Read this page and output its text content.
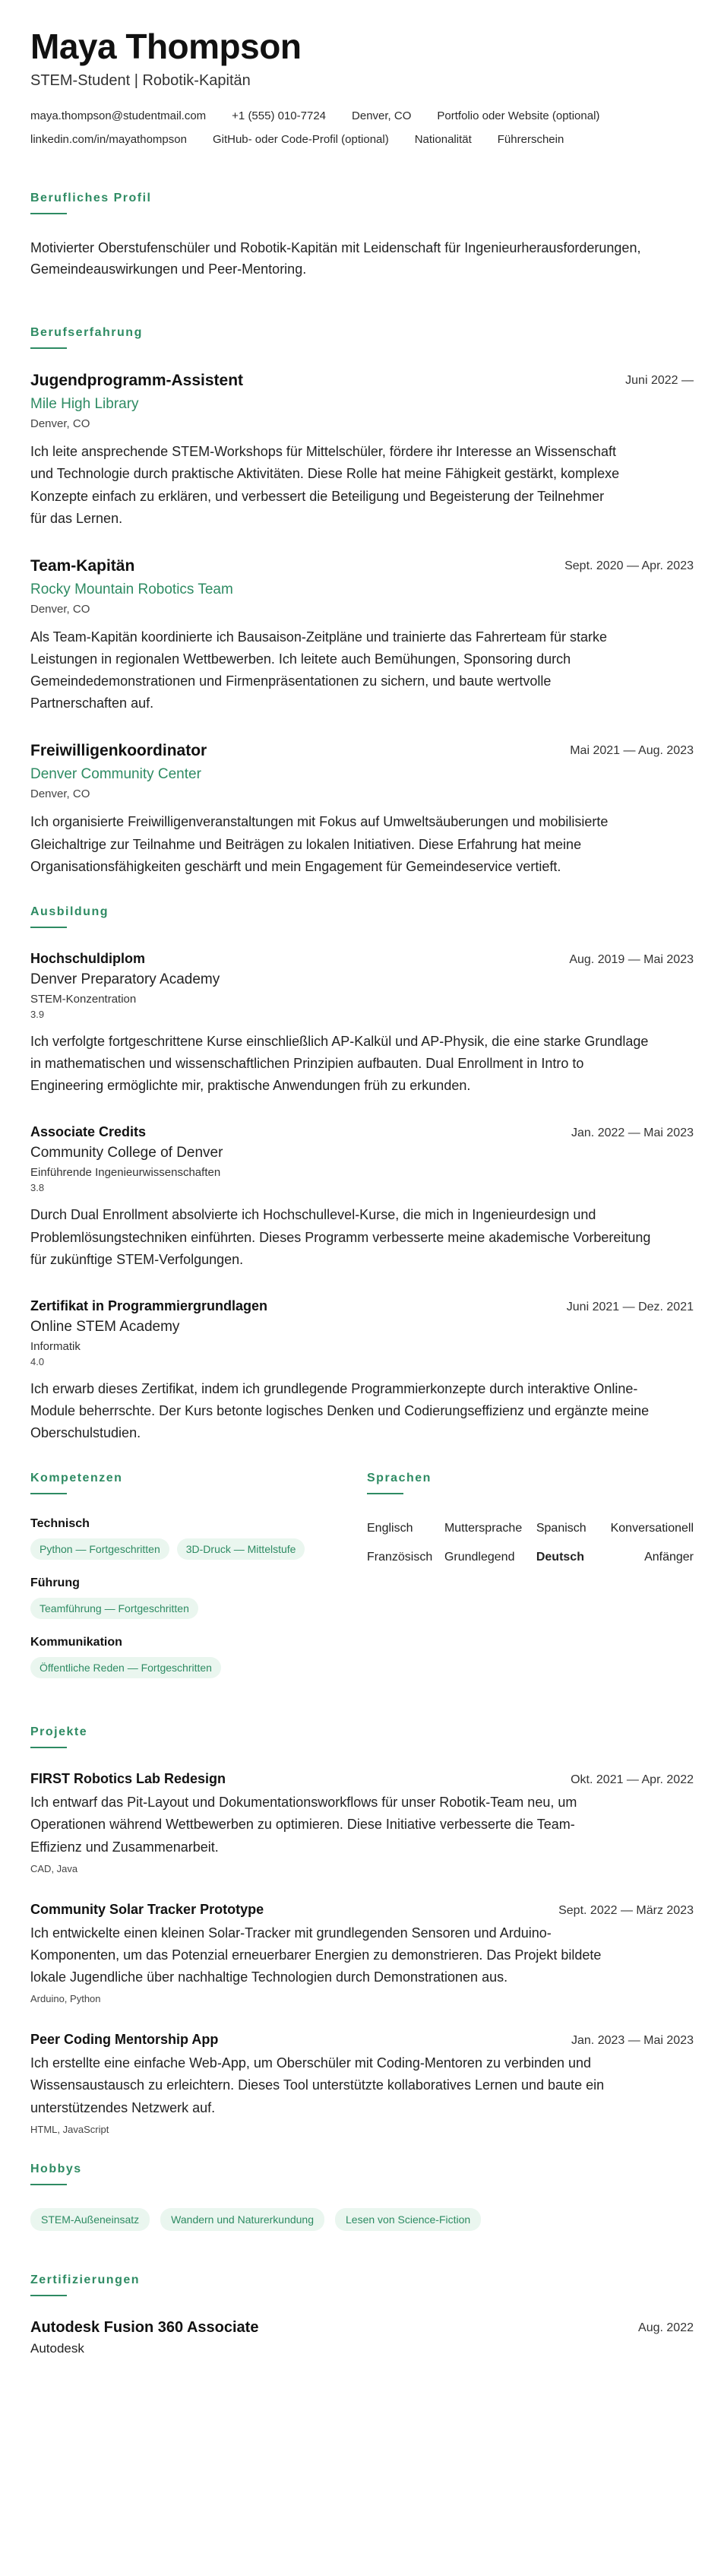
Maya Thompson
STEM-Student | Robotik-Kapitän
maya.thompson@studentmail.com +1 (555) 010-7724 Denver, CO Portfolio oder Website (optional)
linkedin.com/in/mayathompson GitHub- oder Code-Profil (optional) Nationalität Führerschein
Berufliches Profil
Motivierter Oberstufenschüler und Robotik-Kapitän mit Leidenschaft für Ingenieurherausforderungen, Gemeindeauswirkungen und Peer-Mentoring.
Berufserfahrung
Jugendprogramm-Assistent	Juni 2022 —
Mile High Library
Denver, CO
Ich leite ansprechende STEM-Workshops für Mittelschüler, fördere ihr Interesse an Wissenschaft und Technologie durch praktische Aktivitäten. Diese Rolle hat meine Fähigkeit gestärkt, komplexe Konzepte einfach zu erklären, und verbessert die Beteiligung und Begeisterung der Teilnehmer für das Lernen.
Team-Kapitän	Sept. 2020 — Apr. 2023
Rocky Mountain Robotics Team
Denver, CO
Als Team-Kapitän koordinierte ich Bausaison-Zeitpläne und trainierte das Fahrerteam für starke Leistungen in regionalen Wettbewerben. Ich leitete auch Bemühungen, Sponsoring durch Gemeindedemonstrationen und Firmenpräsentationen zu sichern, und baute wertvolle Partnerschaften auf.
Freiwilligenkoordinator	Mai 2021 — Aug. 2023
Denver Community Center
Denver, CO
Ich organisierte Freiwilligenveranstaltungen mit Fokus auf Umweltsäuberungen und mobilisierte Gleichaltrige zur Teilnahme und Beiträgen zu lokalen Initiativen. Diese Erfahrung hat meine Organisationsfähigkeiten geschärft und mein Engagement für Gemeindeservice vertieft.
Ausbildung
Hochschuldiplom	Aug. 2019 — Mai 2023
Denver Preparatory Academy
STEM-Konzentration
3.9
Ich verfolgte fortgeschrittene Kurse einschließlich AP-Kalkül und AP-Physik, die eine starke Grundlage in mathematischen und wissenschaftlichen Prinzipien aufbauten. Dual Enrollment in Intro to Engineering ermöglichte mir, praktische Anwendungen früh zu erkunden.
Associate Credits	Jan. 2022 — Mai 2023
Community College of Denver
Einführende Ingenieurwissenschaften
3.8
Durch Dual Enrollment absolvierte ich Hochschullevel-Kurse, die mich in Ingenieurdesign und Problemlösungstechniken einführten. Dieses Programm verbesserte meine akademische Vorbereitung für zukünftige STEM-Verfolgungen.
Zertifikat in Programmiergrundlagen	Juni 2021 — Dez. 2021
Online STEM Academy
Informatik
4.0
Ich erwarb dieses Zertifikat, indem ich grundlegende Programmierkonzepte durch interaktive Online-Module beherrschte. Der Kurs betonte logisches Denken und Codierungseffizienz und ergänzte meine Oberschulstudien.
Kompetenzen
Technisch
Python — Fortgeschritten	3D-Druck — Mittelstufe
Führung
Teamführung — Fortgeschritten
Kommunikation
Öffentliche Reden — Fortgeschritten
Sprachen
Englisch	Muttersprache	Spanisch	Konversationell
Französisch	Grundlegend	Deutsch	Anfänger
Projekte
FIRST Robotics Lab Redesign	Okt. 2021 — Apr. 2022
Ich entwarf das Pit-Layout und Dokumentationsworkflows für unser Robotik-Team neu, um Operationen während Wettbewerben zu optimieren. Diese Initiative verbesserte die Team-Effizienz und Zusammenarbeit.
CAD, Java
Community Solar Tracker Prototype	Sept. 2022 — März 2023
Ich entwickelte einen kleinen Solar-Tracker mit grundlegenden Sensoren und Arduino-Komponenten, um das Potenzial erneuerbarer Energien zu demonstrieren. Das Projekt bildete lokale Jugendliche über nachhaltige Technologien durch Demonstrationen aus.
Arduino, Python
Peer Coding Mentorship App	Jan. 2023 — Mai 2023
Ich erstellte eine einfache Web-App, um Oberschüler mit Coding-Mentoren zu verbinden und Wissensaustausch zu erleichtern. Dieses Tool unterstützte kollaboratives Lernen und baute ein unterstützendes Netzwerk auf.
HTML, JavaScript
Hobbys
STEM-Außeneinsatz	Wandern und Naturerkundung	Lesen von Science-Fiction
Zertifizierungen
Autodesk Fusion 360 Associate	Aug. 2022
Autodesk
